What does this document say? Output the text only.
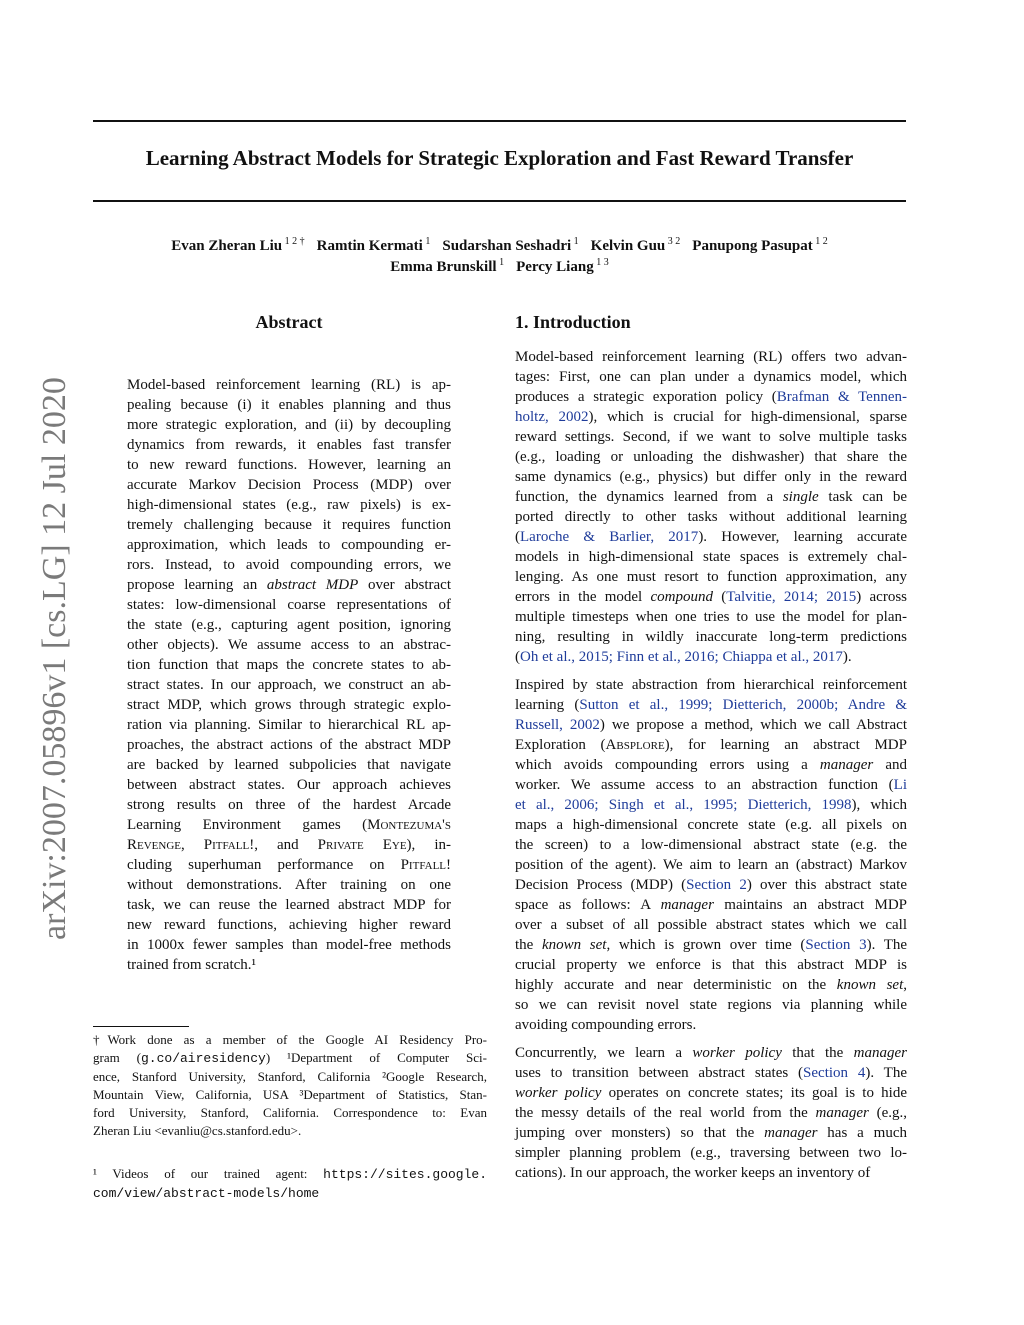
Learning Abstract Models for Strategic Exploration and Fast Reward Transfer
Evan Zheran Liu $^{1 2 \dagger}$ Ramtin Kermati $^1$ Sudarshan Seshadri $^1$ Kelvin Guu $^{3 2}$ Panupong Pasupat $^{1 2}$
Emma Brunskill $^1$ Percy Liang $^{1 3}$
arXiv:2007.05896v1 [cs.LG] 12 Jul 2020
Abstract
Model-based reinforcement learning (RL) is ap-
pealing because (i) it enables planning and thus
more strategic exploration, and (ii) by decoupling
dynamics from rewards, it enables fast transfer
to new reward functions. However, learning an
accurate Markov Decision Process (MDP) over
high-dimensional states (e.g., raw pixels) is ex-
tremely challenging because it requires function
approximation, which leads to compounding er-
rors. Instead, to avoid compounding errors, we
propose learning an abstract MDP over abstract
states: low-dimensional coarse representations of
the state (e.g., capturing agent position, ignoring
other objects). We assume access to an abstrac-
tion function that maps the concrete states to ab-
stract states. In our approach, we construct an ab-
stract MDP, which grows through strategic explo-
ration via planning. Similar to hierarchical RL ap-
proaches, the abstract actions of the abstract MDP
are backed by learned subpolicies that navigate
between abstract states. Our approach achieves
strong results on three of the hardest Arcade
Learning Environment games (Montezuma's
Revenge, Pitfall!, and Private Eye), in-
cluding superhuman performance on Pitfall!
without demonstrations. After training on one
task, we can reuse the learned abstract MDP for
new reward functions, achieving higher reward
in 1000x fewer samples than model-free methods
trained from scratch.¹
1. Introduction
Model-based reinforcement learning (RL) offers two advan-
tages: First, one can plan under a dynamics model, which
produces a strategic exporation policy (Brafman & Tennen-
holtz, 2002), which is crucial for high-dimensional, sparse
reward settings. Second, if we want to solve multiple tasks
(e.g., loading or unloading the dishwasher) that share the
same dynamics (e.g., physics) but differ only in the reward
function, the dynamics learned from a single task can be
ported directly to other tasks without additional learning
(Laroche & Barlier, 2017). However, learning accurate
models in high-dimensional state spaces is extremely chal-
lenging. As one must resort to function approximation, any
errors in the model compound (Talvitie, 2014; 2015) across
multiple timesteps when one tries to use the model for plan-
ning, resulting in wildly inaccurate long-term predictions
(Oh et al., 2015; Finn et al., 2016; Chiappa et al., 2017).
Inspired by state abstraction from hierarchical reinforcement
learning (Sutton et al., 1999; Dietterich, 2000b; Andre &
Russell, 2002) we propose a method, which we call Abstract
Exploration (Absplore), for learning an abstract MDP
which avoids compounding errors using a manager and
worker. We assume access to an abstraction function (Li
et al., 2006; Singh et al., 1995; Dietterich, 1998), which
maps a high-dimensional concrete state (e.g. all pixels on
the screen) to a low-dimensional abstract state (e.g. the
position of the agent). We aim to learn an (abstract) Markov
Decision Process (MDP) (Section 2) over this abstract state
space as follows: A manager maintains an abstract MDP
over a subset of all possible abstract states which we call
the known set, which is grown over time (Section 3). The
crucial property we enforce is that this abstract MDP is
highly accurate and near deterministic on the known set,
so we can revisit novel state regions via planning while
avoiding compounding errors.
Concurrently, we learn a worker policy that the manager
uses to transition between abstract states (Section 4). The
worker policy operates on concrete states; its goal is to hide
the messy details of the real world from the manager (e.g.,
jumping over monsters) so that the manager has a much
simpler planning problem (e.g., traversing between two lo-
cations). In our approach, the worker keeps an inventory of
†Work done as a member of the Google AI Residency Pro-
gram (g.co/airesidency) ¹Department of Computer Sci-
ence, Stanford University, Stanford, California ²Google Research,
Mountain View, California, USA ³Department of Statistics, Stan-
ford University, Stanford, California. Correspondence to: Evan
Zheran Liu <evanliu@cs.stanford.edu>.
¹ Videos of our trained agent: https://sites.google.
com/view/abstract-models/home
